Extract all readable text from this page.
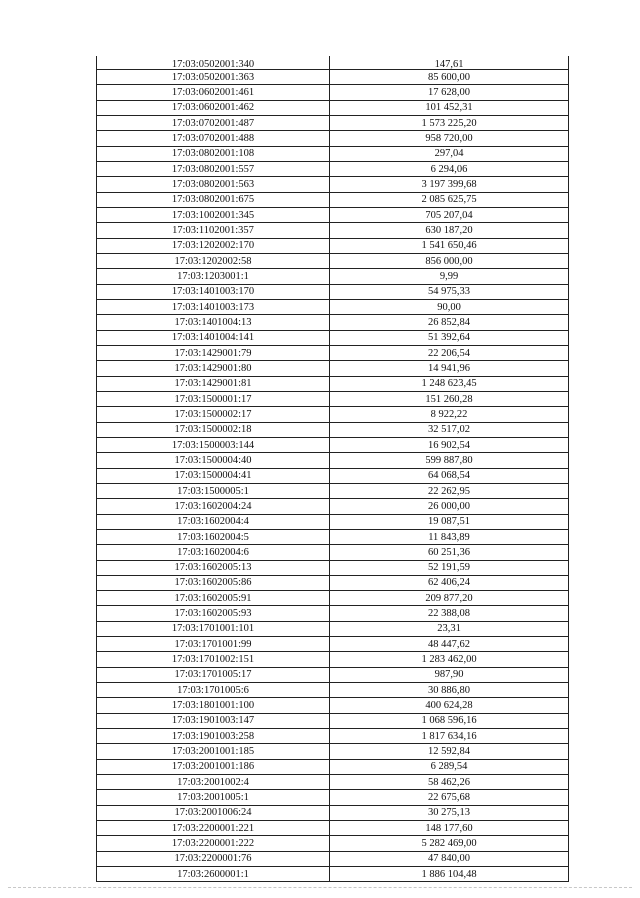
17:03:0502001:340	147,61
17:03:0502001:363	85 600,00
17:03:0602001:461	17 628,00
17:03:0602001:462	101 452,31
17:03:0702001:487	1 573 225,20
17:03:0702001:488	958 720,00
17:03:0802001:108	297,04
17:03:0802001:557	6 294,06
17:03:0802001:563	3 197 399,68
17:03:0802001:675	2 085 625,75
17:03:1002001:345	705 207,04
17:03:1102001:357	630 187,20
17:03:1202002:170	1 541 650,46
17:03:1202002:58	856 000,00
17:03:1203001:1	9,99
17:03:1401003:170	54 975,33
17:03:1401003:173	90,00
17:03:1401004:13	26 852,84
17:03:1401004:141	51 392,64
17:03:1429001:79	22 206,54
17:03:1429001:80	14 941,96
17:03:1429001:81	1 248 623,45
17:03:1500001:17	151 260,28
17:03:1500002:17	8 922,22
17:03:1500002:18	32 517,02
17:03:1500003:144	16 902,54
17:03:1500004:40	599 887,80
17:03:1500004:41	64 068,54
17:03:1500005:1	22 262,95
17:03:1602004:24	26 000,00
17:03:1602004:4	19 087,51
17:03:1602004:5	11 843,89
17:03:1602004:6	60 251,36
17:03:1602005:13	52 191,59
17:03:1602005:86	62 406,24
17:03:1602005:91	209 877,20
17:03:1602005:93	22 388,08
17:03:1701001:101	23,31
17:03:1701001:99	48 447,62
17:03:1701002:151	1 283 462,00
17:03:1701005:17	987,90
17:03:1701005:6	30 886,80
17:03:1801001:100	400 624,28
17:03:1901003:147	1 068 596,16
17:03:1901003:258	1 817 634,16
17:03:2001001:185	12 592,84
17:03:2001001:186	6 289,54
17:03:2001002:4	58 462,26
17:03:2001005:1	22 675,68
17:03:2001006:24	30 275,13
17:03:2200001:221	148 177,60
17:03:2200001:222	5 282 469,00
17:03:2200001:76	47 840,00
17:03:2600001:1	1 886 104,48
